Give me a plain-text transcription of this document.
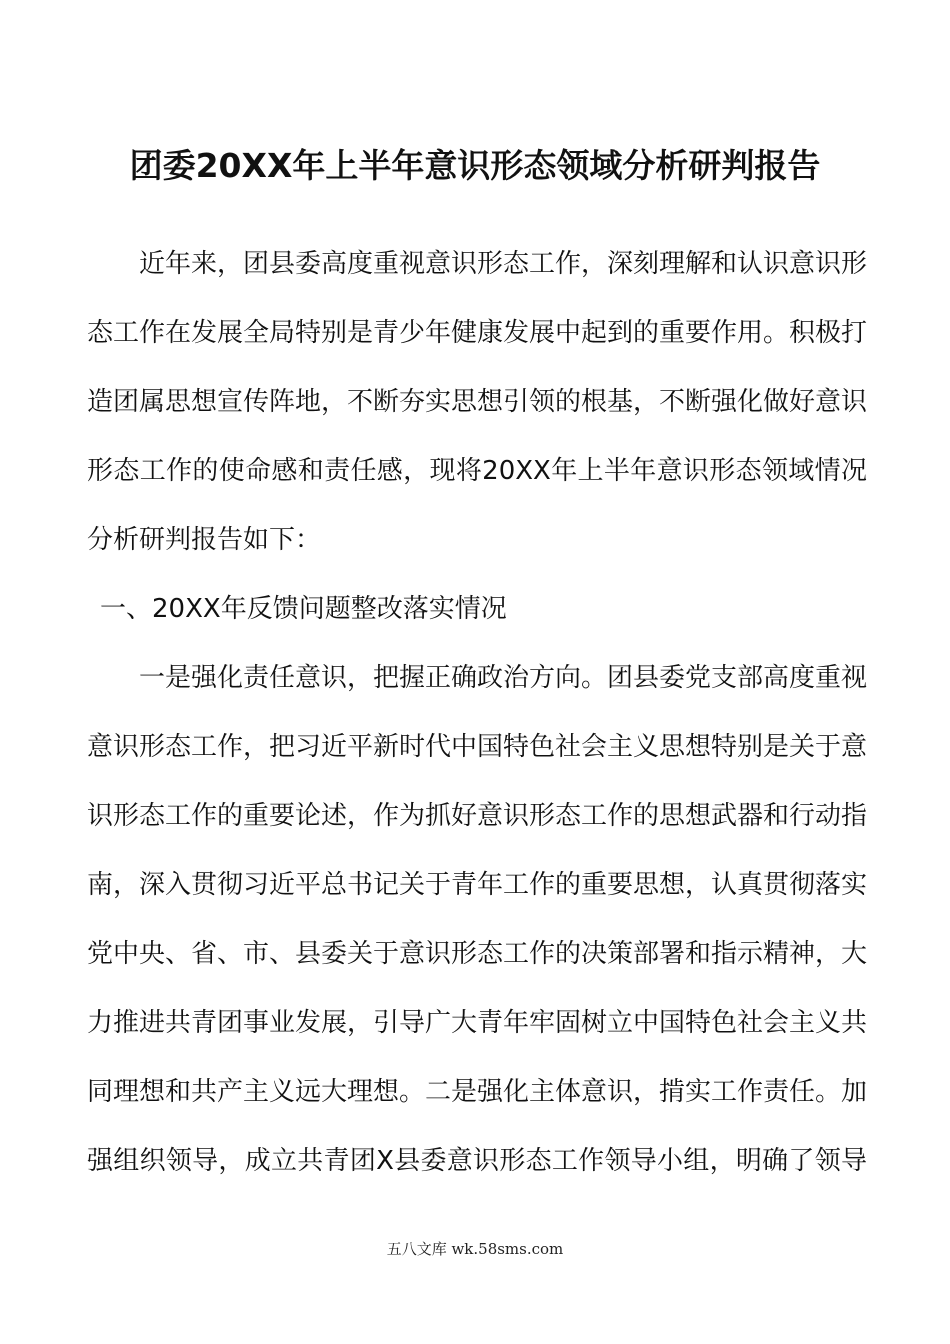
团委20XX年上半年意识形态领域分析研判报告
近年来，团县委高度重视意识形态工作，深刻理解和认识意识形
态工作在发展全局特别是青少年健康发展中起到的重要作用。积极打
造团属思想宣传阵地，不断夯实思想引领的根基，不断强化做好意识
形态工作的使命感和责任感，现将20XX年上半年意识形态领域情况
分析研判报告如下：
一、20XX年反馈问题整改落实情况
一是强化责任意识，把握正确政治方向。团县委党支部高度重视
意识形态工作，把习近平新时代中国特色社会主义思想特别是关于意
识形态工作的重要论述，作为抓好意识形态工作的思想武器和行动指
南，深入贯彻习近平总书记关于青年工作的重要思想，认真贯彻落实
党中央、省、市、县委关于意识形态工作的决策部署和指示精神，大
力推进共青团事业发展，引导广大青年牢固树立中国特色社会主义共
同理想和共产主义远大理想。二是强化主体意识，掯实工作责任。加
强组织领导，成立共青团X县委意识形态工作领导小组，明确了领导
五八文库 wk.58sms.com
